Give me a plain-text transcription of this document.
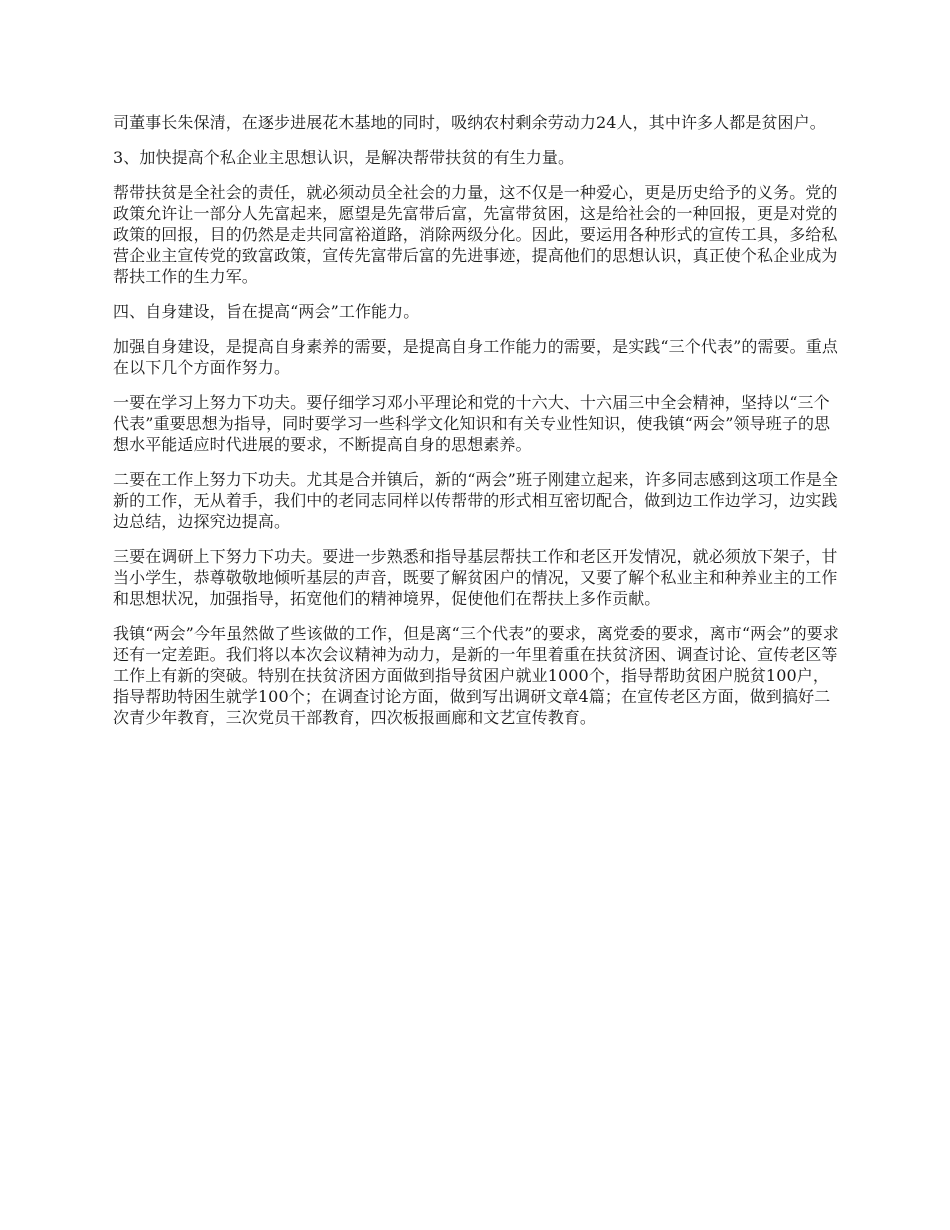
司董事长朱保清，在逐步进展花木基地的同时，吸纳农村剩余劳动力24人，其中许多人都是贫困户。

3、加快提高个私企业主思想认识，是解决帮带扶贫的有生力量。

帮带扶贫是全社会的责任，就必须动员全社会的力量，这不仅是一种爱心，更是历史给予的义务。党的政策允许让一部分人先富起来，愿望是先富带后富，先富带贫困，这是给社会的一种回报，更是对党的政策的回报，目的仍然是走共同富裕道路，消除两级分化。因此，要运用各种形式的宣传工具，多给私营企业主宣传党的致富政策，宣传先富带后富的先进事迹，提高他们的思想认识，真正使个私企业成为帮扶工作的生力军。

四、自身建设，旨在提高“两会”工作能力。

加强自身建设，是提高自身素养的需要，是提高自身工作能力的需要，是实践“三个代表”的需要。重点在以下几个方面作努力。

一要在学习上努力下功夫。要仔细学习邓小平理论和党的十六大、十六届三中全会精神，坚持以“三个代表”重要思想为指导，同时要学习一些科学文化知识和有关专业性知识，使我镇“两会”领导班子的思想水平能适应时代进展的要求，不断提高自身的思想素养。

二要在工作上努力下功夫。尤其是合并镇后，新的“两会”班子刚建立起来，许多同志感到这项工作是全新的工作，无从着手，我们中的老同志同样以传帮带的形式相互密切配合，做到边工作边学习，边实践边总结，边探究边提高。

三要在调研上下努力下功夫。要进一步熟悉和指导基层帮扶工作和老区开发情况，就必须放下架子，甘当小学生，恭尊敬敬地倾听基层的声音，既要了解贫困户的情况，又要了解个私业主和种养业主的工作和思想状况，加强指导，拓宽他们的精神境界，促使他们在帮扶上多作贡献。

我镇“两会”今年虽然做了些该做的工作，但是离“三个代表”的要求，离党委的要求，离市“两会”的要求还有一定差距。我们将以本次会议精神为动力，是新的一年里着重在扶贫济困、调查讨论、宣传老区等工作上有新的突破。特别在扶贫济困方面做到指导贫困户就业1000个，指导帮助贫困户脱贫100户，指导帮助特困生就学100个；在调查讨论方面，做到写出调研文章4篇；在宣传老区方面，做到搞好二次青少年教育，三次党员干部教育，四次板报画廊和文艺宣传教育。
